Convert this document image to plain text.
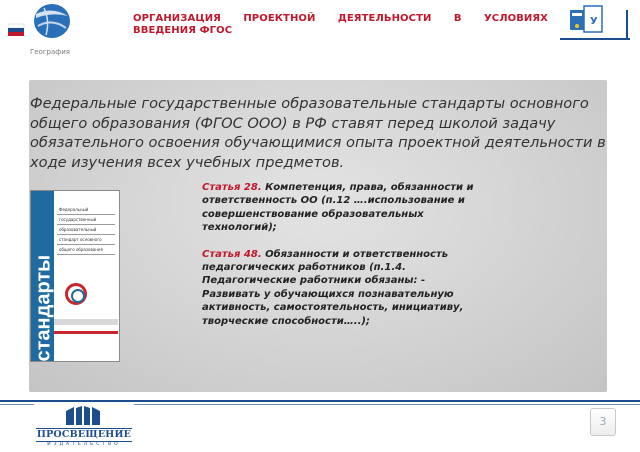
ОРГАНИЗАЦИЯ ПРОЕКТНОЙ ДЕЯТЕЛЬНОСТИ В УСЛОВИЯХ
ВВЕДЕНИЯ ФГОС
У
География
Федеральные государственные образовательные стандарты основного общего образования (ФГОС ООО) в РФ ставят перед школой задачу обязательного освоения обучающимися опыта проектной деятельности в ходе изучения всех учебных предметов.
стандарты
Федеральный
государственный
образовательный
стандарт основного
общего образования

Статья 28. Компетенция, права, обязанности и ответственность ОО (п.12 ….использование и совершенствование образовательных технологий);

Статья 48. Обязанности и ответственность педагогических работников (п.1.4. Педагогические работники обязаны: - Развивать у обучающихся познавательную активность, самостоятельность, инициативу, творческие способности…..);

ПРОСВЕЩЕНИЕ
ИЗДАТЕЛЬСТВО
3
